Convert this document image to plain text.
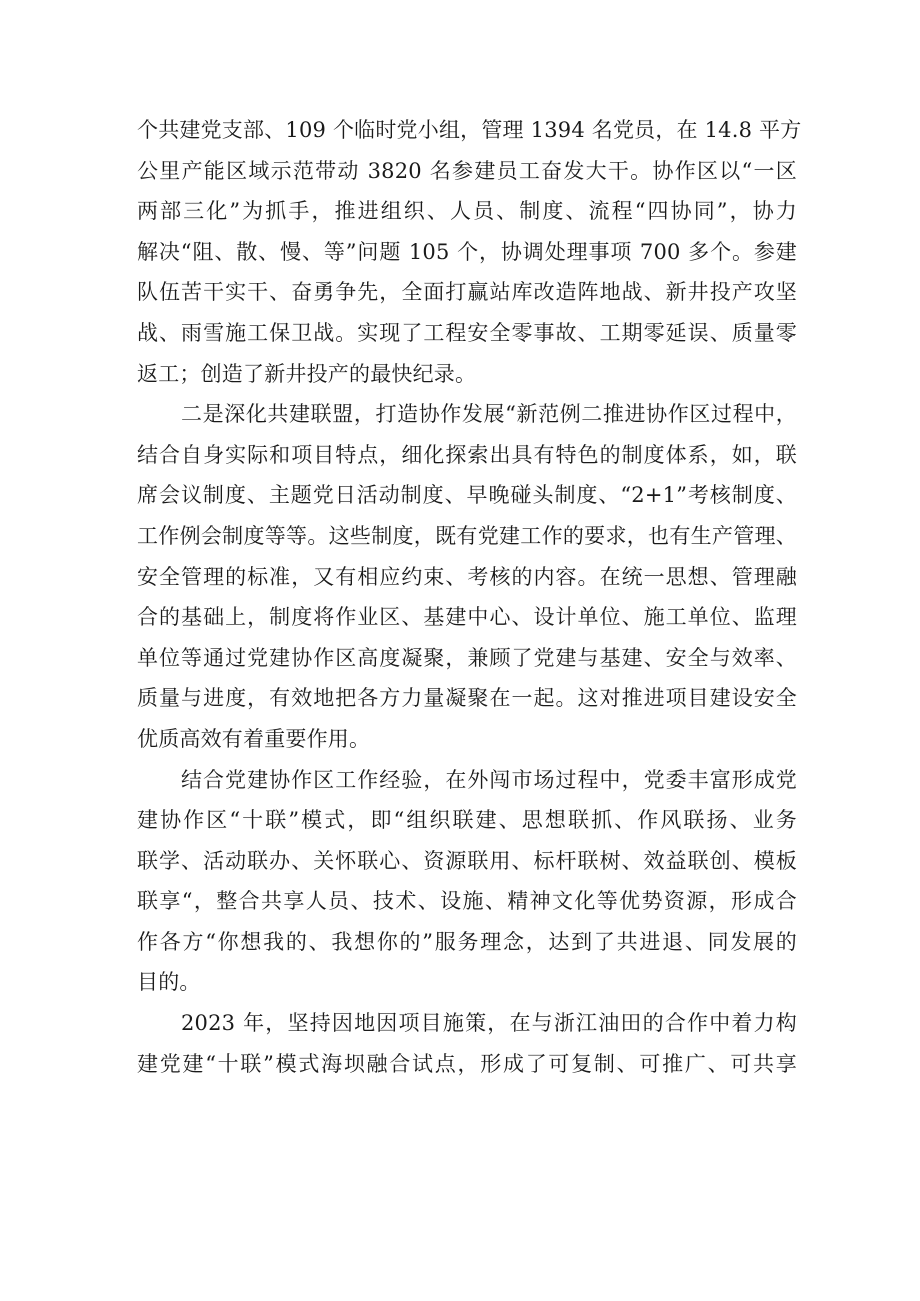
个共建党支部、109 个临时党小组，管理 1394 名党员，在 14.8 平方
公里产能区域示范带动 3820 名参建员工奋发大干。协作区以“一区
两部三化”为抓手，推进组织、人员、制度、流程“四协同”，协力
解决“阻、散、慢、等”问题 105 个，协调处理事项 700 多个。参建
队伍苦干实干、奋勇争先，全面打赢站库改造阵地战、新井投产攻坚
战、雨雪施工保卫战。实现了工程安全零事故、工期零延误、质量零
返工；创造了新井投产的最快纪录。
二是深化共建联盟，打造协作发展“新范例二推进协作区过程中，
结合自身实际和项目特点，细化探索出具有特色的制度体系，如，联
席会议制度、主题党日活动制度、早晚碰头制度、“2+1”考核制度、
工作例会制度等等。这些制度，既有党建工作的要求，也有生产管理、
安全管理的标准，又有相应约束、考核的内容。在统一思想、管理融
合的基础上，制度将作业区、基建中心、设计单位、施工单位、监理
单位等通过党建协作区高度凝聚，兼顾了党建与基建、安全与效率、
质量与进度，有效地把各方力量凝聚在一起。这对推进项目建设安全
优质高效有着重要作用。
结合党建协作区工作经验，在外闯市场过程中，党委丰富形成党
建协作区“十联”模式，即“组织联建、思想联抓、作风联扬、业务
联学、活动联办、关怀联心、资源联用、标杆联树、效益联创、模板
联享“，整合共享人员、技术、设施、精神文化等优势资源，形成合
作各方“你想我的、我想你的”服务理念，达到了共进退、同发展的
目的。
2023 年，坚持因地因项目施策，在与浙江油田的合作中着力构
建党建“十联”模式海坝融合试点，形成了可复制、可推广、可共享
